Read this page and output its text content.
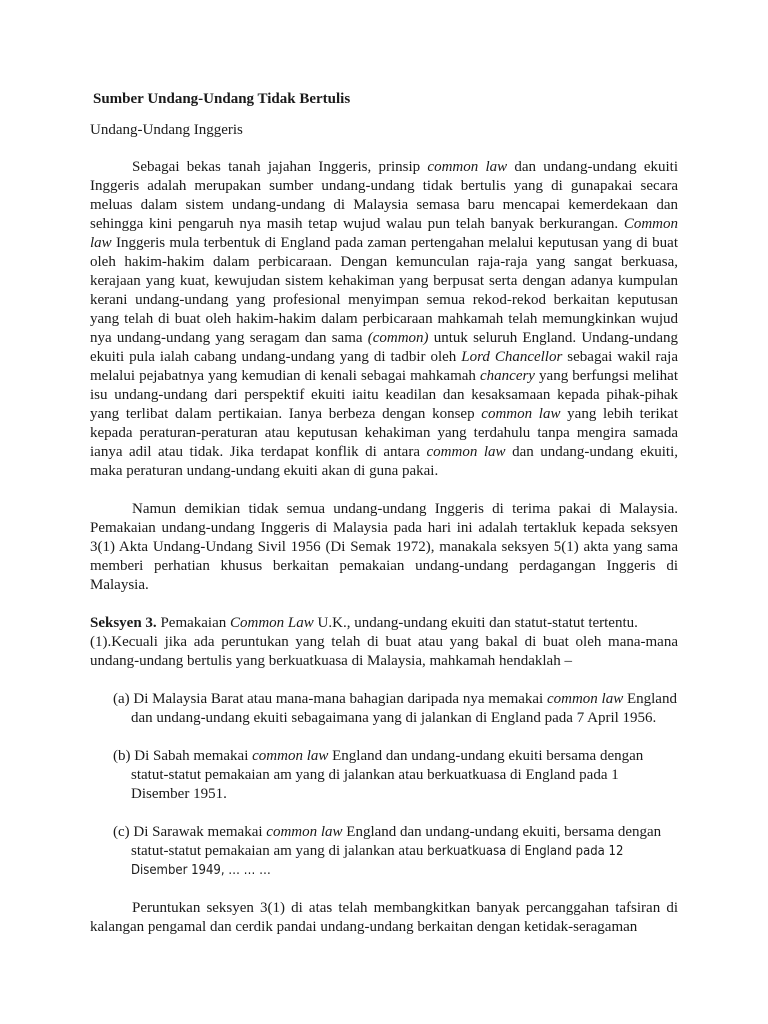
Sumber Undang-Undang Tidak Bertulis
Undang-Undang Inggeris

Sebagai bekas tanah jajahan Inggeris, prinsip common law dan undang-undang ekuiti Inggeris adalah merupakan sumber undang-undang tidak bertulis yang di gunapakai secara meluas dalam sistem undang-undang di Malaysia semasa baru mencapai kemerdekaan dan sehingga kini pengaruh nya masih tetap wujud walau pun telah banyak berkurangan. Common law Inggeris mula terbentuk di England pada zaman pertengahan melalui keputusan yang di buat oleh hakim-hakim dalam perbicaraan. Dengan kemunculan raja-raja yang sangat berkuasa, kerajaan yang kuat, kewujudan sistem kehakiman yang berpusat serta dengan adanya kumpulan kerani undang-undang yang profesional menyimpan semua rekod-rekod berkaitan keputusan yang telah di buat oleh hakim-hakim dalam perbicaraan mahkamah telah memungkinkan wujud nya undang-undang yang seragam dan sama (common) untuk seluruh England. Undang-undang ekuiti pula ialah cabang undang-undang yang di tadbir oleh Lord Chancellor sebagai wakil raja melalui pejabatnya yang kemudian di kenali sebagai mahkamah chancery yang berfungsi melihat isu undang-undang dari perspektif ekuiti iaitu keadilan dan kesaksamaan kepada pihak-pihak yang terlibat dalam pertikaian. Ianya berbeza dengan konsep common law yang lebih terikat kepada peraturan-peraturan atau keputusan kehakiman yang terdahulu tanpa mengira samada ianya adil atau tidak. Jika terdapat konflik di antara common law dan undang-undang ekuiti, maka peraturan undang-undang ekuiti akan di guna pakai.

Namun demikian tidak semua undang-undang Inggeris di terima pakai di Malaysia. Pemakaian undang-undang Inggeris di Malaysia pada hari ini adalah tertakluk kepada seksyen 3(1) Akta Undang-Undang Sivil 1956 (Di Semak 1972), manakala seksyen 5(1) akta yang sama memberi perhatian khusus berkaitan pemakaian undang-undang perdagangan Inggeris di Malaysia.

Seksyen 3. Pemakaian Common Law U.K., undang-undang ekuiti dan statut-statut tertentu.
(1).Kecuali jika ada peruntukan yang telah di buat atau yang bakal di buat oleh mana-mana undang-undang bertulis yang berkuatkuasa di Malaysia, mahkamah hendaklah –

(a) Di Malaysia Barat atau mana-mana bahagian daripada nya memakai common law England dan undang-undang ekuiti sebagaimana yang di jalankan di England pada 7 April 1956.
(b) Di Sabah memakai common law England dan undang-undang ekuiti bersama dengan statut-statut pemakaian am yang di jalankan atau berkuatkuasa di England pada 1 Disember 1951.
(c) Di Sarawak memakai common law England dan undang-undang ekuiti, bersama dengan statut-statut pemakaian am yang di jalankan atau berkuatkuasa di England pada 12 Disember 1949, … … …

Peruntukan seksyen 3(1) di atas telah membangkitkan banyak percanggahan tafsiran di kalangan pengamal dan cerdik pandai undang-undang berkaitan dengan ketidak-seragaman
